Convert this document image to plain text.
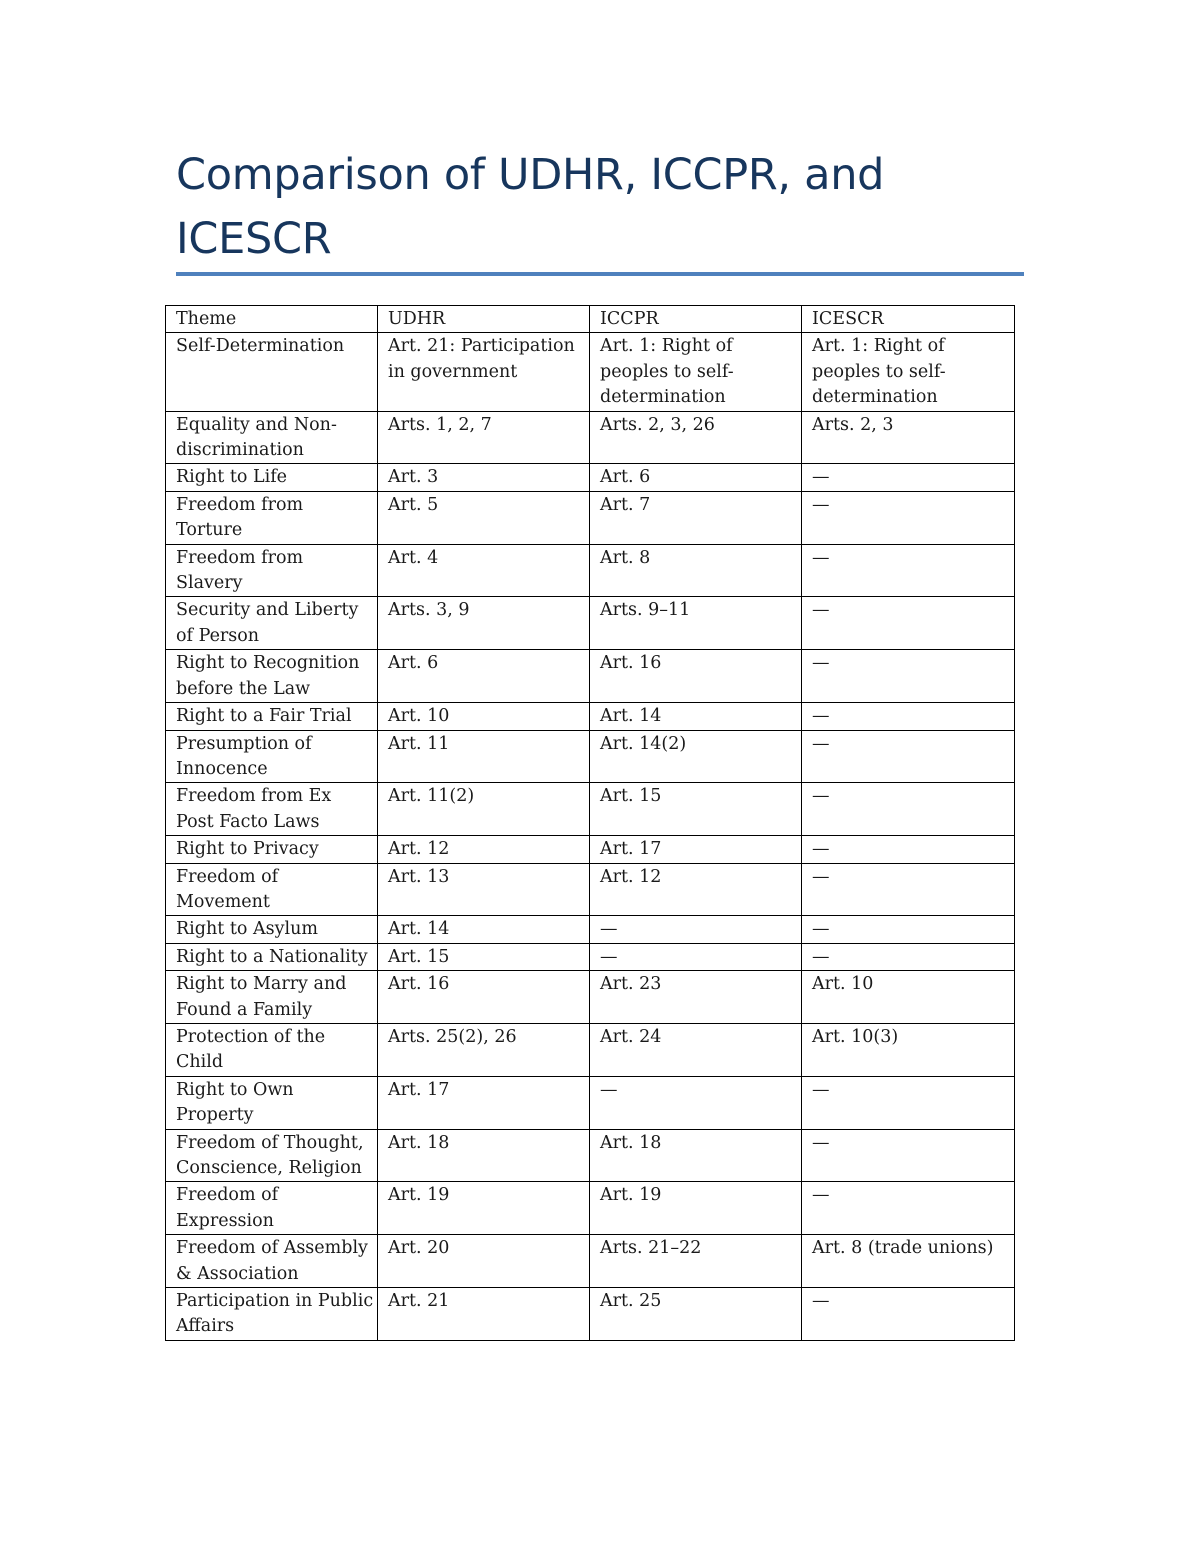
Comparison of UDHR, ICCPR, and ICESCR
Theme	UDHR	ICCPR	ICESCR
Self-Determination	Art. 21: Participation in government	Art. 1: Right of peoples to self-determination	Art. 1: Right of peoples to self-determination
Equality and Non-discrimination	Arts. 1, 2, 7	Arts. 2, 3, 26	Arts. 2, 3
Right to Life	Art. 3	Art. 6	—
Freedom from Torture	Art. 5	Art. 7	—
Freedom from Slavery	Art. 4	Art. 8	—
Security and Liberty of Person	Arts. 3, 9	Arts. 9–11	—
Right to Recognition before the Law	Art. 6	Art. 16	—
Right to a Fair Trial	Art. 10	Art. 14	—
Presumption of Innocence	Art. 11	Art. 14(2)	—
Freedom from Ex Post Facto Laws	Art. 11(2)	Art. 15	—
Right to Privacy	Art. 12	Art. 17	—
Freedom of Movement	Art. 13	Art. 12	—
Right to Asylum	Art. 14	—	—
Right to a Nationality	Art. 15	—	—
Right to Marry and Found a Family	Art. 16	Art. 23	Art. 10
Protection of the Child	Arts. 25(2), 26	Art. 24	Art. 10(3)
Right to Own Property	Art. 17	—	—
Freedom of Thought, Conscience, Religion	Art. 18	Art. 18	—
Freedom of Expression	Art. 19	Art. 19	—
Freedom of Assembly & Association	Art. 20	Arts. 21–22	Art. 8 (trade unions)
Participation in Public Affairs	Art. 21	Art. 25	—
